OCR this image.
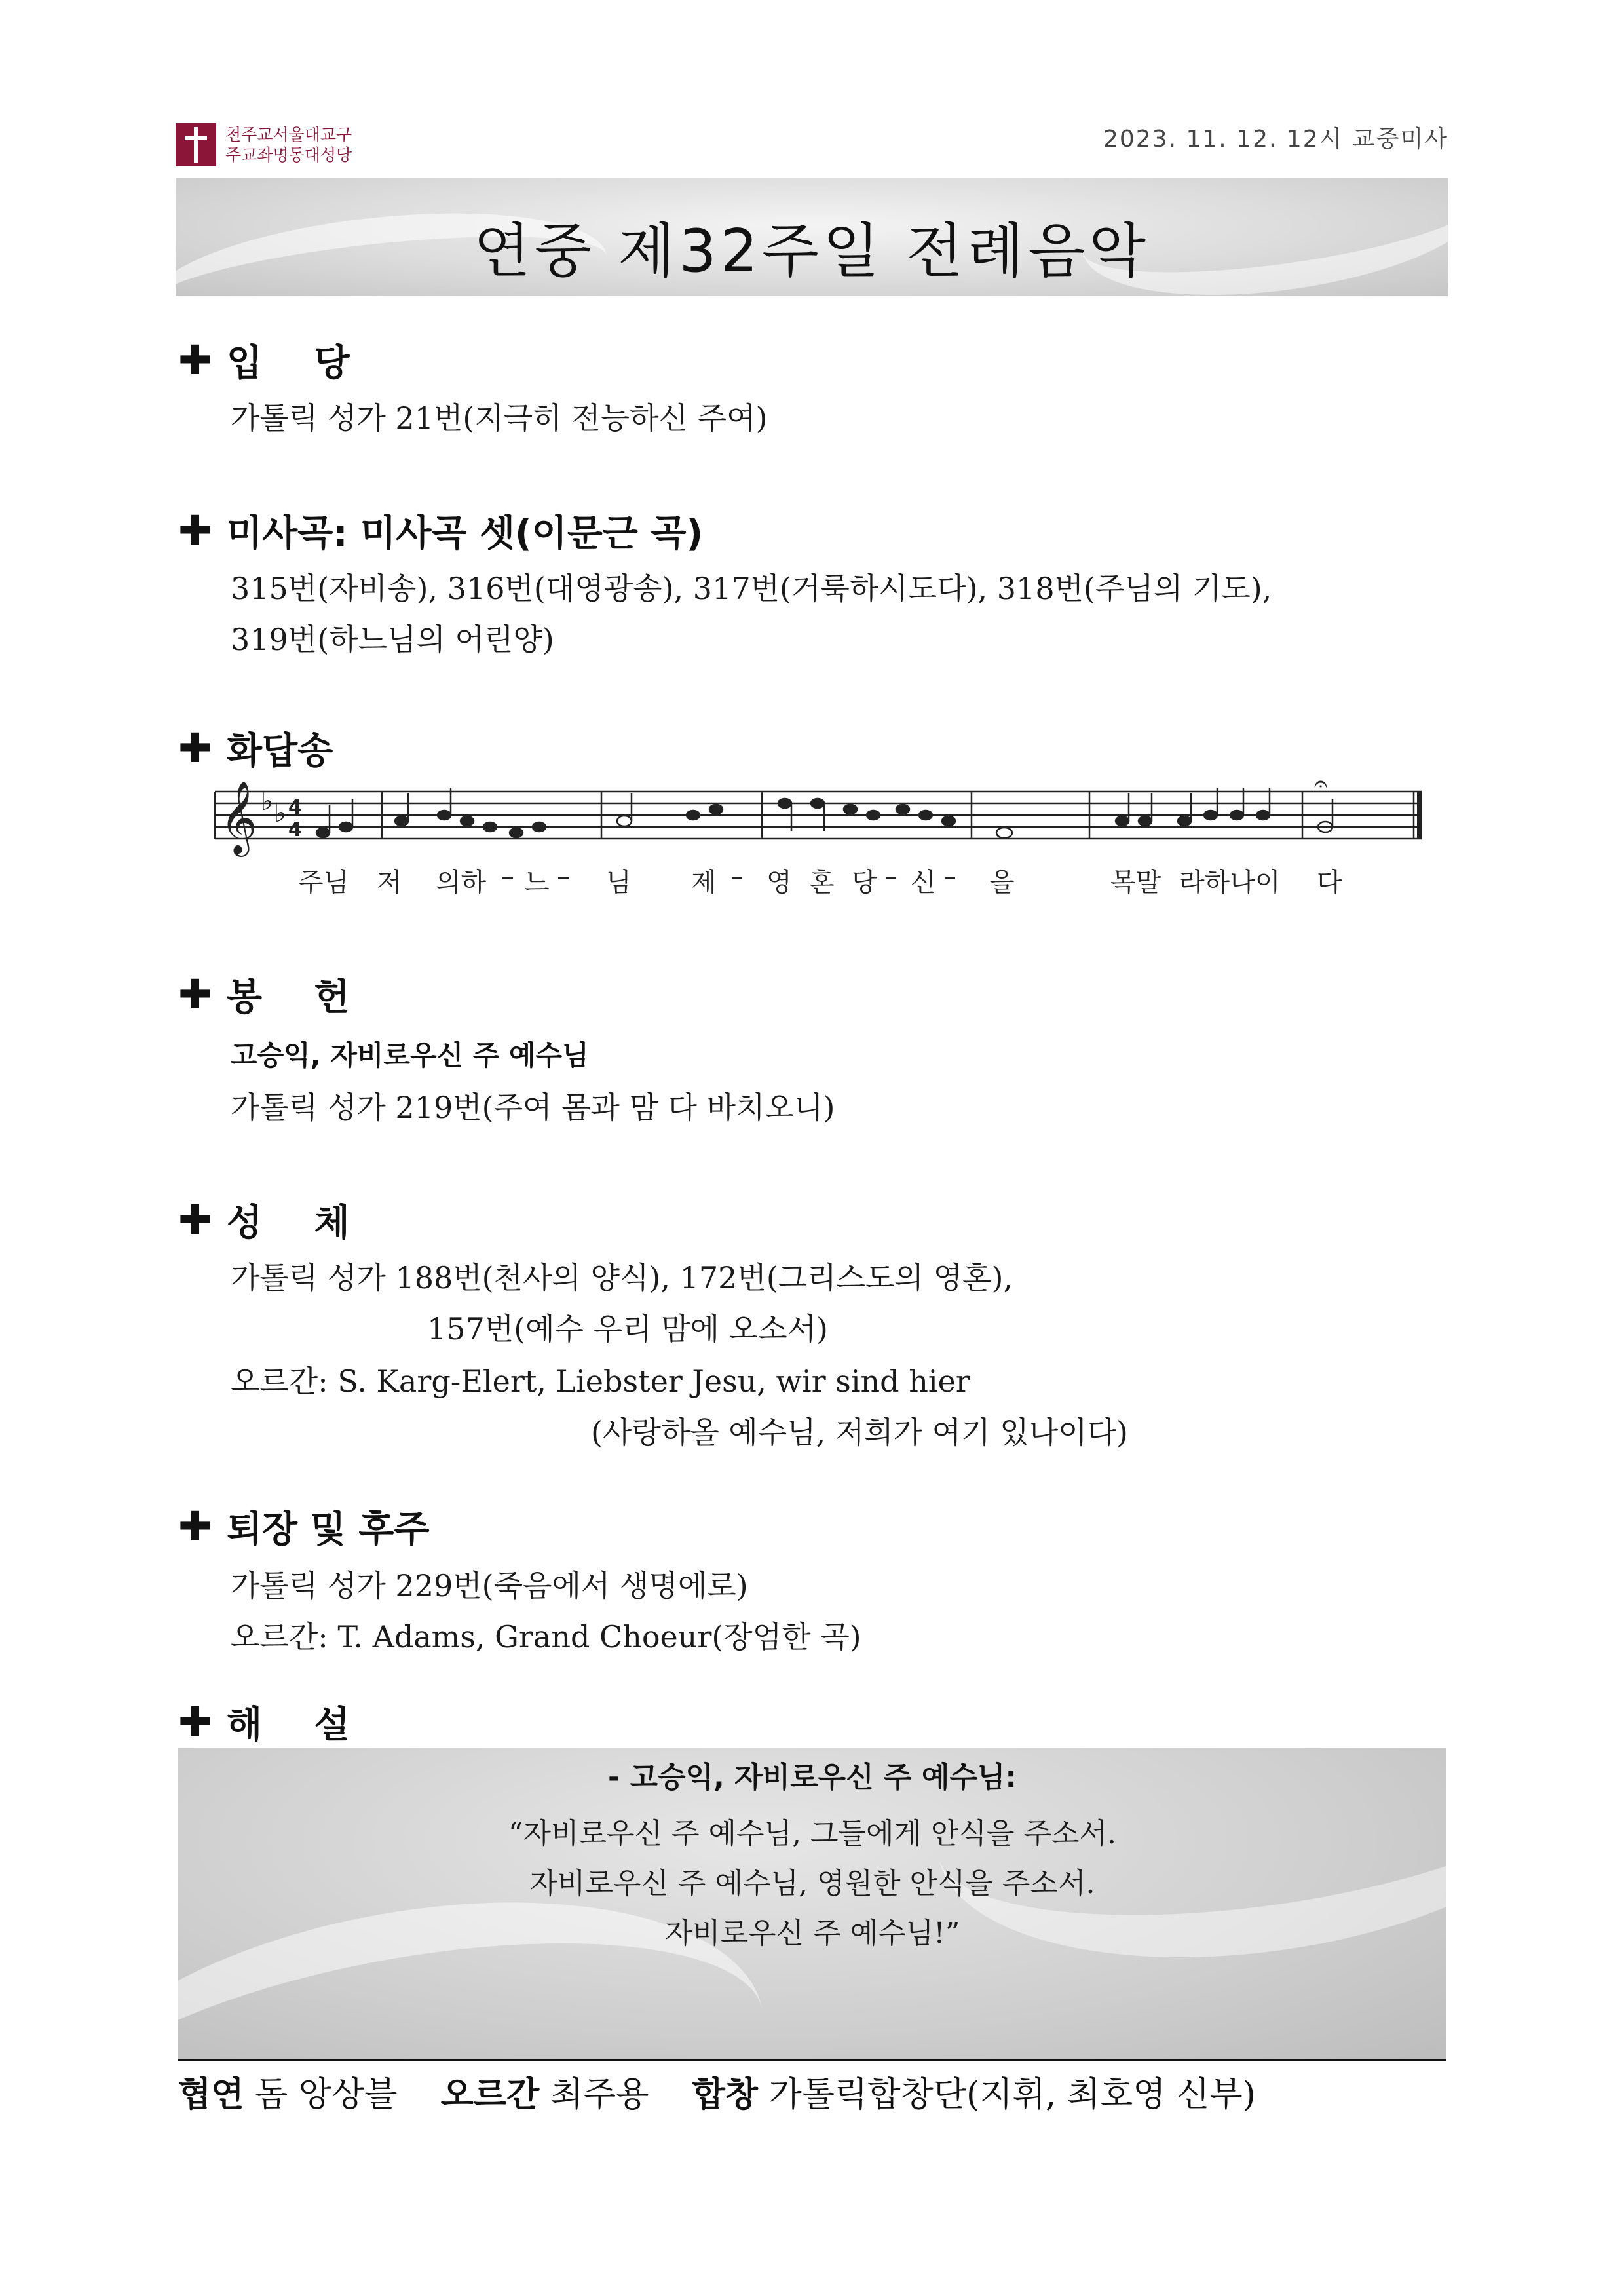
천주교서울대교구
주교좌명동대성당
2023. 11. 12. 12시 교중미사
연중 제32주일 전례음악
✚ 입 당
가톨릭 성가 21번(지극히 전능하신 주여)
✚ 미사곡: 미사곡 셋(이문근 곡)
315번(자비송), 316번(대영광송), 317번(거룩하시도다), 318번(주님의 기도),
319번(하느님의 어린양)
✚ 화답송
𝄞 ♭ ♭ 4
4
𝄐
주님 저 의하 – 느 – 님 제 – 영 혼 당 – 신 – 을	목말 라하나이 다
✚ 봉 헌
고승익, 자비로우신 주 예수님
가톨릭 성가 219번(주여 몸과 맘 다 바치오니)
✚ 성 체
가톨릭 성가 188번(천사의 양식), 172번(그리스도의 영혼),
157번(예수 우리 맘에 오소서)
오르간: S. Karg-Elert, Liebster Jesu, wir sind hier
(사랑하올 예수님, 저희가 여기 있나이다)
✚ 퇴장 및 후주
가톨릭 성가 229번(죽음에서 생명에로)
오르간: T. Adams, Grand Choeur(장엄한 곡)
✚ 해 설
- 고승익, 자비로우신 주 예수님:
“자비로우신 주 예수님, 그들에게 안식을 주소서.
자비로우신 주 예수님, 영원한 안식을 주소서.
자비로우신 주 예수님!”
협연 돔 앙상블 오르간 최주용 합창 가톨릭합창단(지휘, 최호영 신부)
